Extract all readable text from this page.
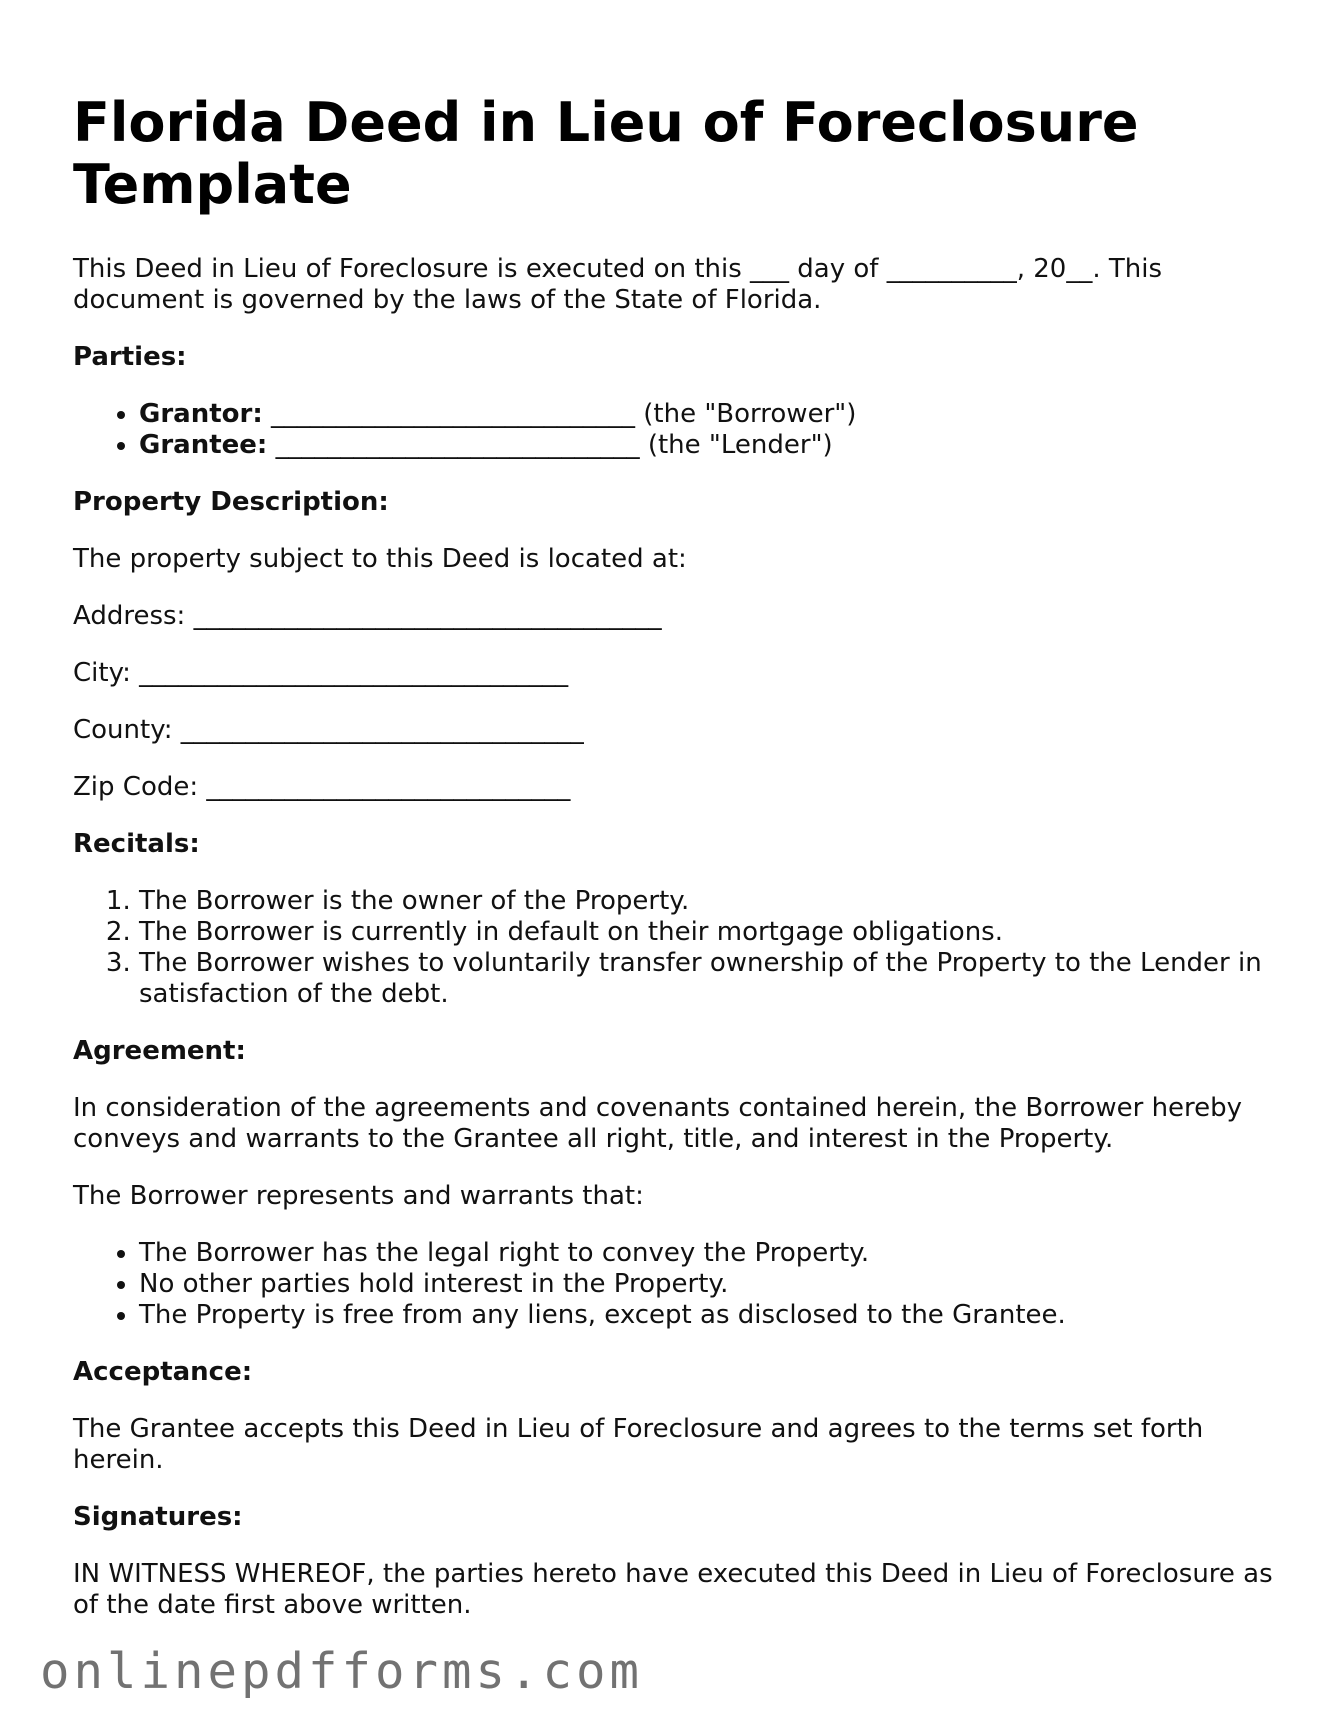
Florida Deed in Lieu of Foreclosure Template

This Deed in Lieu of Foreclosure is executed on this ___ day of __________, 20__. This document is governed by the laws of the State of Florida.

Parties:
• Grantor: ____________________________ (the "Borrower")
• Grantee: ____________________________ (the "Lender")
Property Description:

The property subject to this Deed is located at:

Address: ____________________________________

City: _________________________________

County: _______________________________

Zip Code: ____________________________

Recitals:
1. The Borrower is the owner of the Property.
2. The Borrower is currently in default on their mortgage obligations.
3. The Borrower wishes to voluntarily transfer ownership of the Property to the Lender in satisfaction of the debt.
Agreement:

In consideration of the agreements and covenants contained herein, the Borrower hereby conveys and warrants to the Grantee all right, title, and interest in the Property.

The Borrower represents and warrants that:

• The Borrower has the legal right to convey the Property.
• No other parties hold interest in the Property.
• The Property is free from any liens, except as disclosed to the Grantee.
Acceptance:

The Grantee accepts this Deed in Lieu of Foreclosure and agrees to the terms set forth herein.

Signatures:

IN WITNESS WHEREOF, the parties hereto have executed this Deed in Lieu of Foreclosure as of the date first above written.

onlinepdfforms.com
